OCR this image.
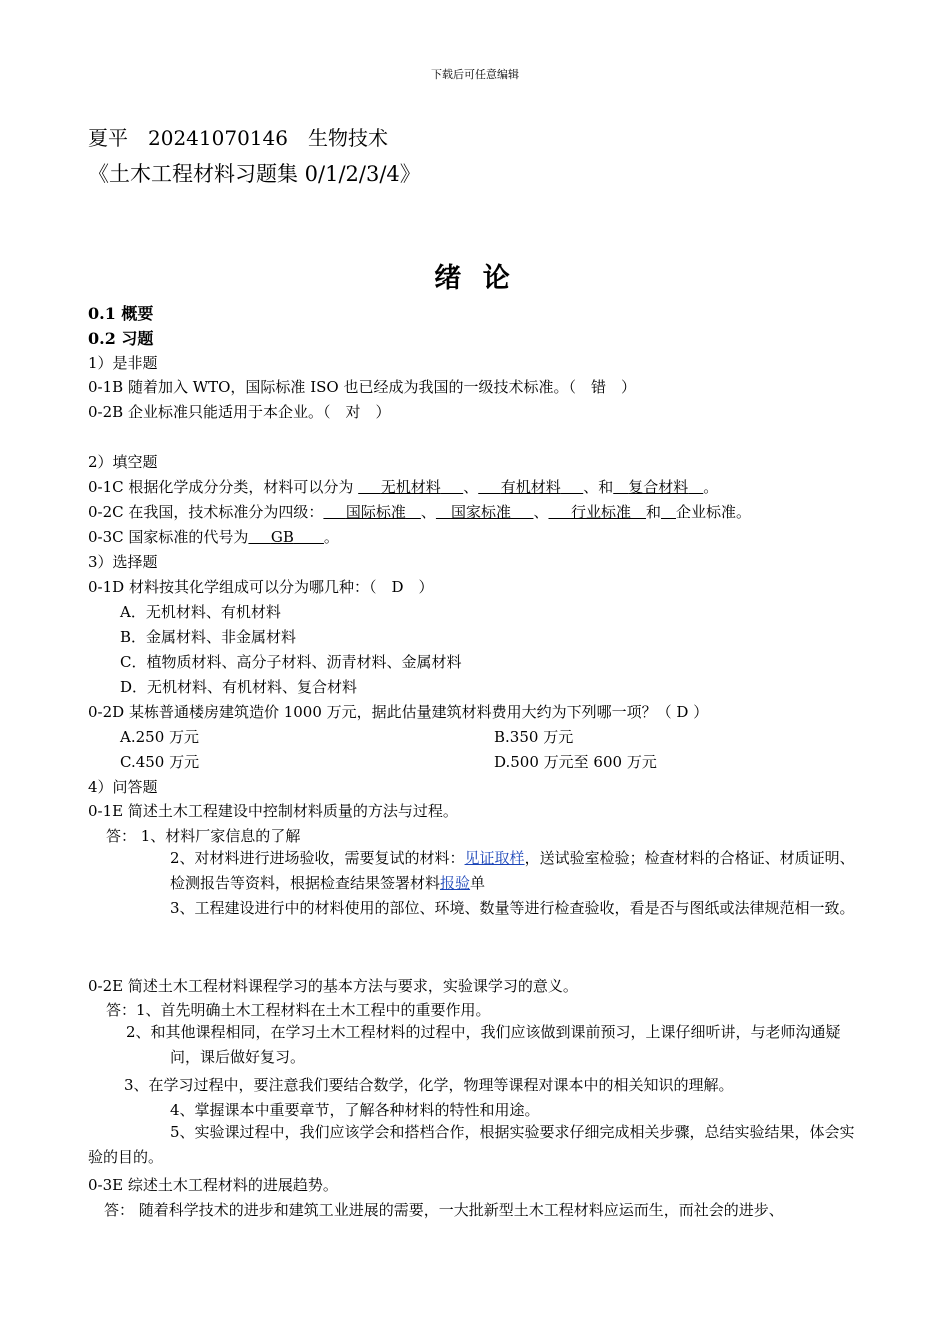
下载后可任意编辑
夏平　20241070146　生物技术
《土木工程材料习题集 0/1/2/3/4》
绪 论
0.1 概要
0.2 习题
1）是非题
0-1B 随着加入 WTO，国际标准 ISO 也已经成为我国的一级技术标准。（　错　）
0-2B 企业标准只能适用于本企业。（　对　）
2）填空题
0-1C 根据化学成分分类，材料可以分为    无机材料   、   有机材料   、和  复合材料  。
0-2C 在我国，技术标准分为四级：   国际标准  、   国家标准   、   行业标准  和   企业标准。
0-3C 国家标准的代号为   GB   。
3）选择题
0-1D 材料按其化学组成可以分为哪几种：（　D　）
A．无机材料、有机材料
B．金属材料、非金属材料
C．植物质材料、高分子材料、沥青材料、金属材料
D．无机材料、有机材料、复合材料
0-2D 某栋普通楼房建筑造价 1000 万元，据此估量建筑材料费用大约为下列哪一项？（ D ）
A.250 万元	B.350 万元
C.450 万元	D.500 万元至 600 万元
4）问答题
0-1E 简述土木工程建设中控制材料质量的方法与过程。
答： 1、材料厂家信息的了解
2、对材料进行进场验收，需要复试的材料：见证取样，送试验室检验；检查材料的合格证、材质证明、检测报告等资料，根据检查结果签署材料报验单
3、工程建设进行中的材料使用的部位、环境、数量等进行检查验收，看是否与图纸或法律规范相一致。
0-2E 简述土木工程材料课程学习的基本方法与要求，实验课学习的意义。
答：1、首先明确土木工程材料在土木工程中的重要作用。
2、和其他课程相同，在学习土木工程材料的过程中，我们应该做到课前预习，上课仔细听讲，与老师沟通疑问，课后做好复习。
3、在学习过程中，要注意我们要结合数学，化学，物理等课程对课本中的相关知识的理解。
4、掌握课本中重要章节，了解各种材料的特性和用途。
5、实验课过程中，我们应该学会和搭档合作，根据实验要求仔细完成相关步骤，总结实验结果，体会实验的目的。
0-3E 综述土木工程材料的进展趋势。
答： 随着科学技术的进步和建筑工业进展的需要，一大批新型土木工程材料应运而生，而社会的进步、
